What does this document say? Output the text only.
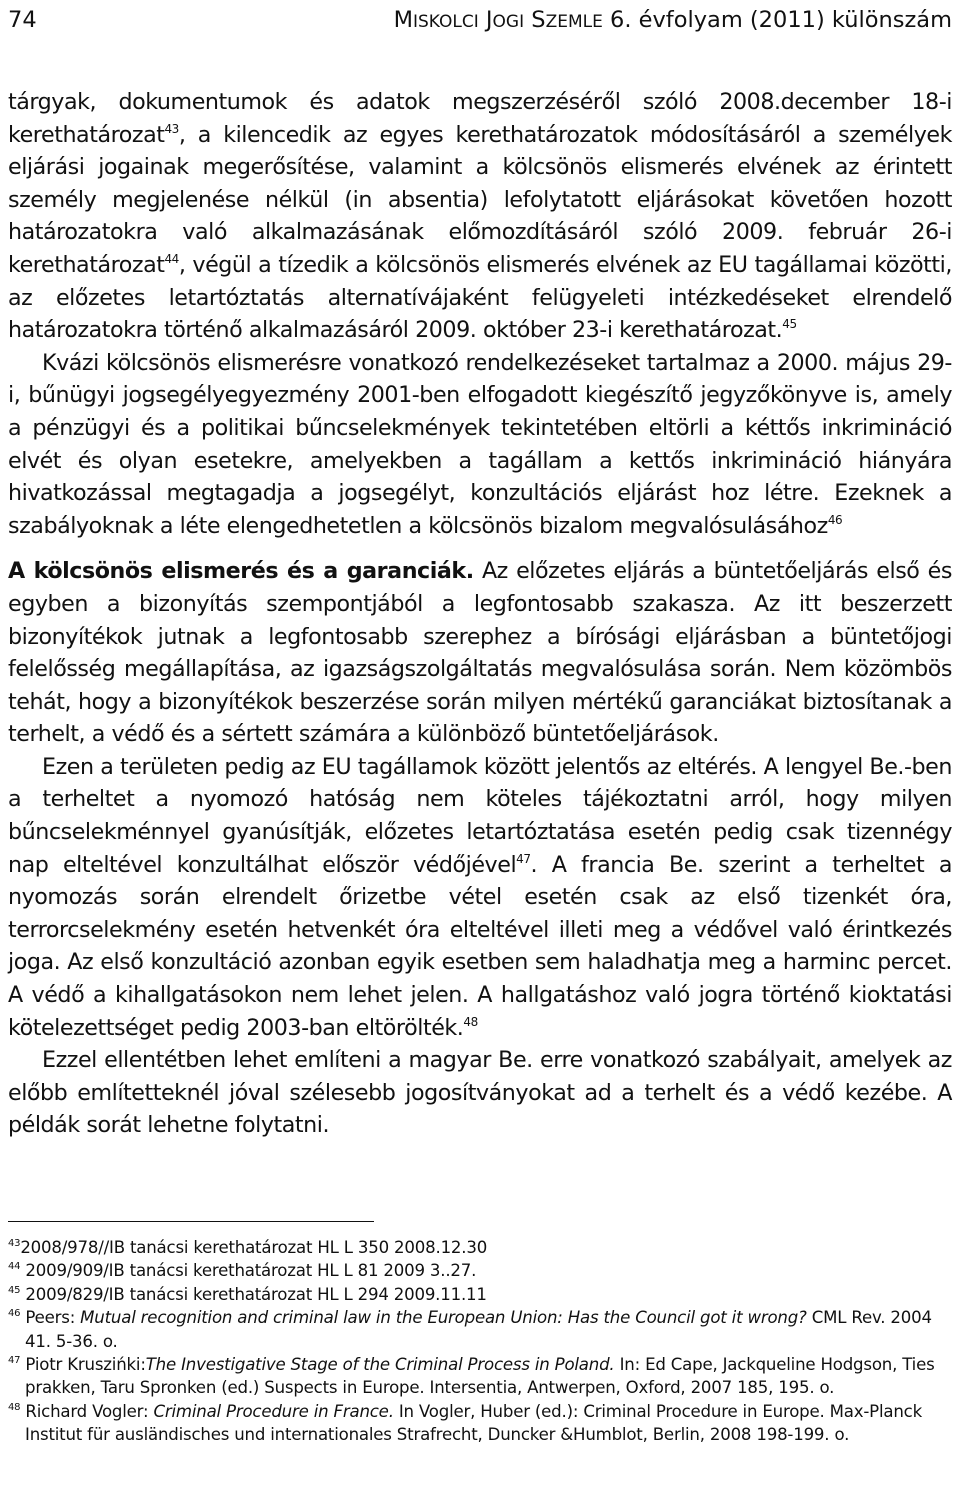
74	MISKOLCI JOGI SZEMLE 6. évfolyam (2011) különszám

tárgyak, dokumentumok és adatok megszerzéséről szóló 2008.december 18-i kerethatározat$^{43}$, a kilencedik az egyes kerethatározatok módosításáról a személyek eljárási jogainak megerősítése, valamint a kölcsönös elismerés elvének az érintett személy megjelenése nélkül (in absentia) lefolytatott eljárásokat követően hozott határozatokra való alkalmazásának előmozdításáról szóló 2009. február 26-i kerethatározat$^{44}$, végül a tízedik a kölcsönös elismerés elvének az EU tagállamai közötti, az előzetes letartóztatás alternatívájaként felügyeleti intézkedéseket elrendelő határozatokra történő alkalmazásáról 2009. október 23-i kerethatározat.$^{45}$

Kvázi kölcsönös elismerésre vonatkozó rendelkezéseket tartalmaz a 2000. május 29-i, bűnügyi jogsegélyegyezmény 2001-ben elfogadott kiegészítő jegyzőkönyve is, amely a pénzügyi és a politikai bűncselekmények tekintetében eltörli a kéttős inkrimináció elvét és olyan esetekre, amelyekben a tagállam a kettős inkrimináció hiányára hivatkozással megtagadja a jogsegélyt, konzultációs eljárást hoz létre. Ezeknek a szabályoknak a léte elengedhetetlen a kölcsönös bizalom megvalósulásához$^{46}$

A kölcsönös elismerés és a garanciák. Az előzetes eljárás a büntetőeljárás első és egyben a bizonyítás szempontjából a legfontosabb szakasza. Az itt beszerzett bizonyítékok jutnak a legfontosabb szerephez a bírósági eljárásban a büntetőjogi felelősség megállapítása, az igazságszolgáltatás megvalósulása során. Nem közömbös tehát, hogy a bizonyítékok beszerzése során milyen mértékű garanciákat biztosítanak a terhelt, a védő és a sértett számára a különböző büntetőeljárások.

Ezen a területen pedig az EU tagállamok között jelentős az eltérés. A lengyel Be.-ben a terheltet a nyomozó hatóság nem köteles tájékoztatni arról, hogy milyen bűncselekménnyel gyanúsítják, előzetes letartóztatása esetén pedig csak tizennégy nap elteltével konzultálhat először védőjével$^{47}$. A francia Be. szerint a terheltet a nyomozás során elrendelt őrizetbe vétel esetén csak az első tizenkét óra, terrorcselekmény esetén hetvenkét óra elteltével illeti meg a védővel való érintkezés joga. Az első konzultáció azonban egyik esetben sem haladhatja meg a harminc percet. A védő a kihallgatásokon nem lehet jelen. A hallgatáshoz való jogra történő kioktatási kötelezettséget pedig 2003-ban eltörölték.$^{48}$

Ezzel ellentétben lehet említeni a magyar Be. erre vonatkozó szabályait, amelyek az előbb említetteknél jóval szélesebb jogosítványokat ad a terhelt és a védő kezébe. A példák sorát lehetne folytatni.

$^{43}$2008/978//IB tanácsi kerethatározat HL L 350 2008.12.30

$^{44}$ 2009/909/IB tanácsi kerethatározat HL L 81 2009 3..27.

$^{45}$ 2009/829/IB tanácsi kerethatározat HL L 294 2009.11.11

$^{46}$ Peers: Mutual recognition and criminal law in the European Union: Has the Council got it wrong? CML Rev. 2004 41. 5-36. o.

$^{47}$ Piotr Kruszińki:The Investigative Stage of the Criminal Process in Poland. In: Ed Cape, Jackqueline Hodgson, Ties prakken, Taru Spronken (ed.) Suspects in Europe. Intersentia, Antwerpen, Oxford, 2007 185, 195. o.

$^{48}$ Richard Vogler: Criminal Procedure in France. In Vogler, Huber (ed.): Criminal Procedure in Europe. Max-Planck Institut für ausländisches und internationales Strafrecht, Duncker &Humblot, Berlin, 2008 198-199. o.
